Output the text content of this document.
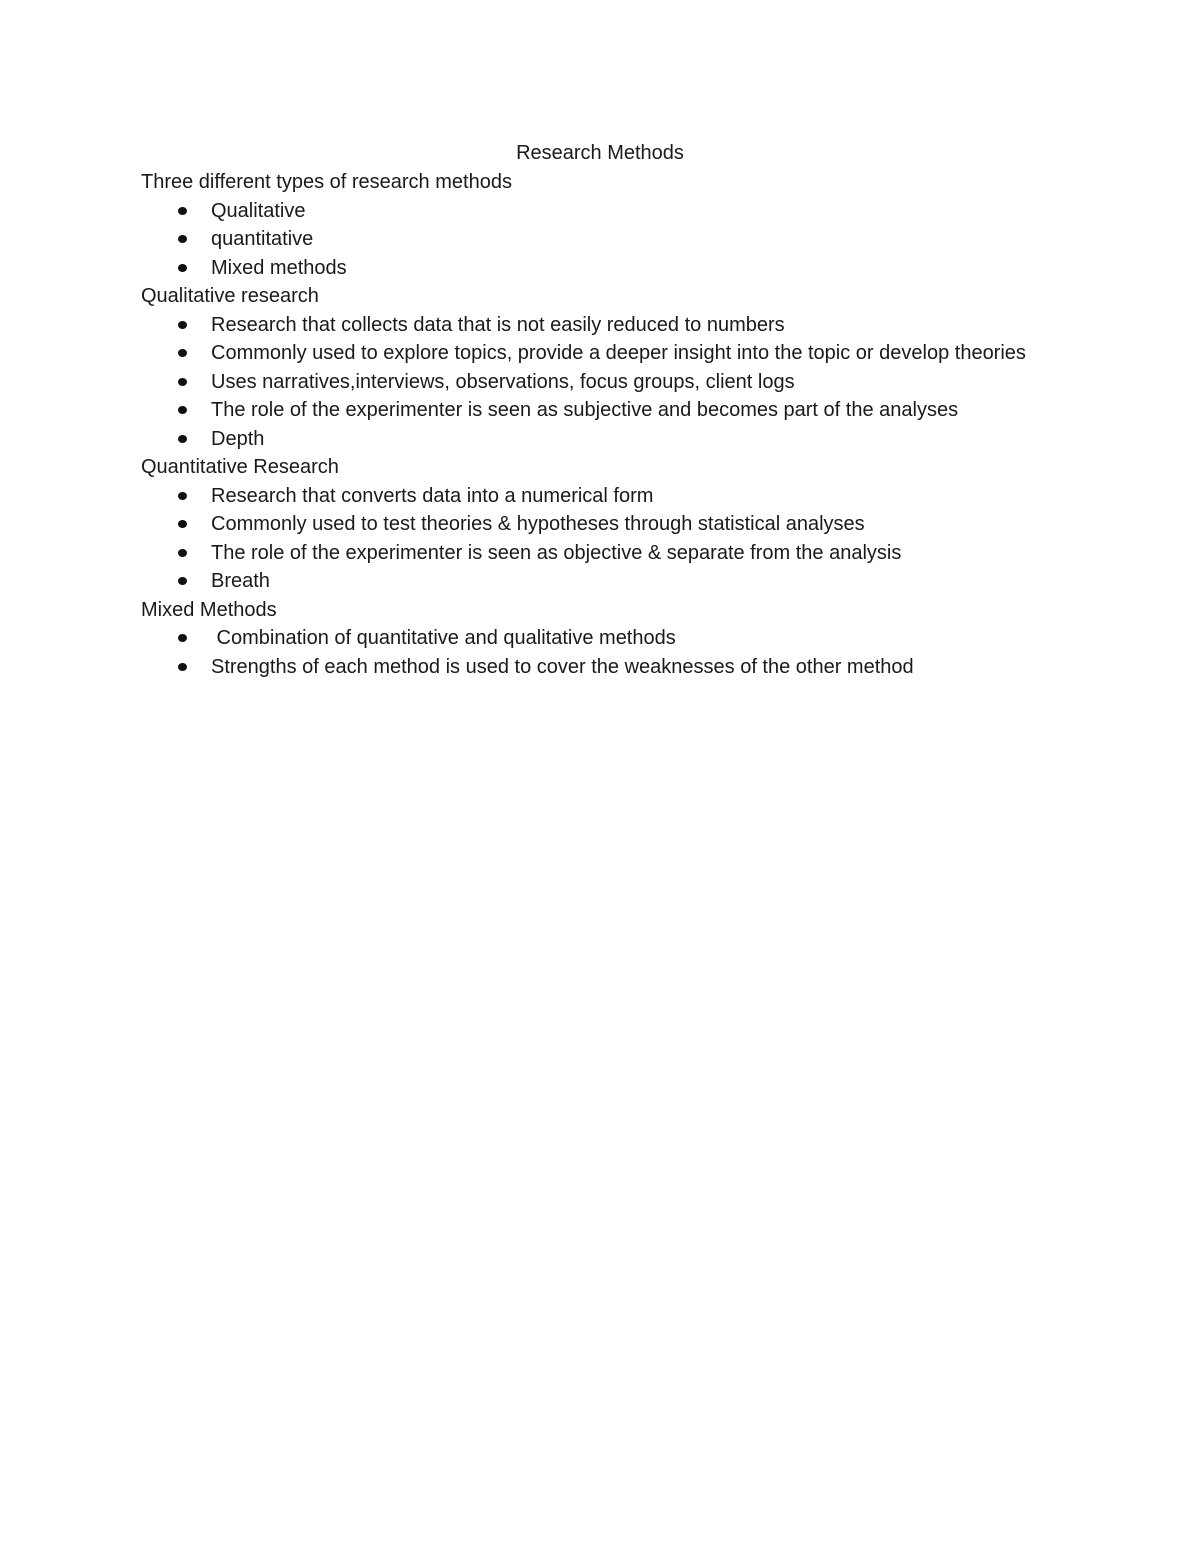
Research Methods

Three different types of research methods

Qualitative
quantitative
Mixed methods

Qualitative research

Research that collects data that is not easily reduced to numbers
Commonly used to explore topics, provide a deeper insight into the topic or develop theories
Uses narratives,interviews, observations, focus groups, client logs
The role of the experimenter is seen as subjective and becomes part of the analyses
Depth

Quantitative Research

Research that converts data into a numerical form
Commonly used to test theories & hypotheses through statistical analyses
The role of the experimenter is seen as objective & separate from the analysis
Breath

Mixed Methods

Combination of quantitative and qualitative methods
Strengths of each method is used to cover the weaknesses of the other method
